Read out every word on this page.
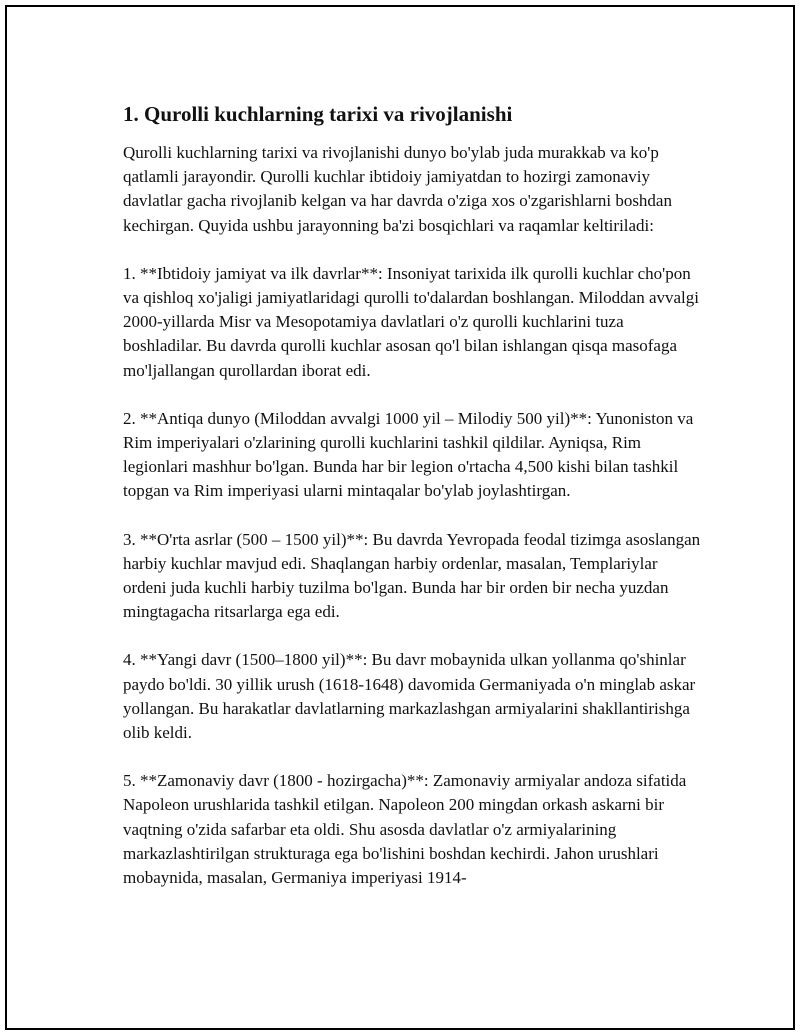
1. Qurolli kuchlarning tarixi va rivojlanishi

Qurolli kuchlarning tarixi va rivojlanishi dunyo bo'ylab juda murakkab va ko'p qatlamli jarayondir. Qurolli kuchlar ibtidoiy jamiyatdan to hozirgi zamonaviy davlatlar gacha rivojlanib kelgan va har davrda o'ziga xos o'zgarishlarni boshdan kechirgan. Quyida ushbu jarayonning ba'zi bosqichlari va raqamlar keltiriladi:

1. **Ibtidoiy jamiyat va ilk davrlar**: Insoniyat tarixida ilk qurolli kuchlar cho'pon va qishloq xo'jaligi jamiyatlaridagi qurolli to'dalardan boshlangan. Miloddan avvalgi 2000-yillarda Misr va Mesopotamiya davlatlari o'z qurolli kuchlarini tuza boshladilar. Bu davrda qurolli kuchlar asosan qo'l bilan ishlangan qisqa masofaga mo'ljallangan qurollardan iborat edi.

2. **Antiqa dunyo (Miloddan avvalgi 1000 yil – Milodiy 500 yil)**: Yunoniston va Rim imperiyalari o'zlarining qurolli kuchlarini tashkil qildilar. Ayniqsa, Rim legionlari mashhur bo'lgan. Bunda har bir legion o'rtacha 4,500 kishi bilan tashkil topgan va Rim imperiyasi ularni mintaqalar bo'ylab joylashtirgan.

3. **O'rta asrlar (500 – 1500 yil)**: Bu davrda Yevropada feodal tizimga asoslangan harbiy kuchlar mavjud edi. Shaqlangan harbiy ordenlar, masalan, Templariylar ordeni juda kuchli harbiy tuzilma bo'lgan. Bunda har bir orden bir necha yuzdan mingtagacha ritsarlarga ega edi.

4. **Yangi davr (1500–1800 yil)**: Bu davr mobaynida ulkan yollanma qo'shinlar paydo bo'ldi. 30 yillik urush (1618-1648) davomida Germaniyada o'n minglab askar yollangan. Bu harakatlar davlatlarning markazlashgan armiyalarini shakllantirishga olib keldi.

5. **Zamonaviy davr (1800 - hozirgacha)**: Zamonaviy armiyalar andoza sifatida Napoleon urushlarida tashkil etilgan. Napoleon 200 mingdan orkash askarni bir vaqtning o'zida safarbar eta oldi. Shu asosda davlatlar o'z armiyalarining markazlashtirilgan strukturaga ega bo'lishini boshdan kechirdi. Jahon urushlari mobaynida, masalan, Germaniya imperiyasi 1914-
